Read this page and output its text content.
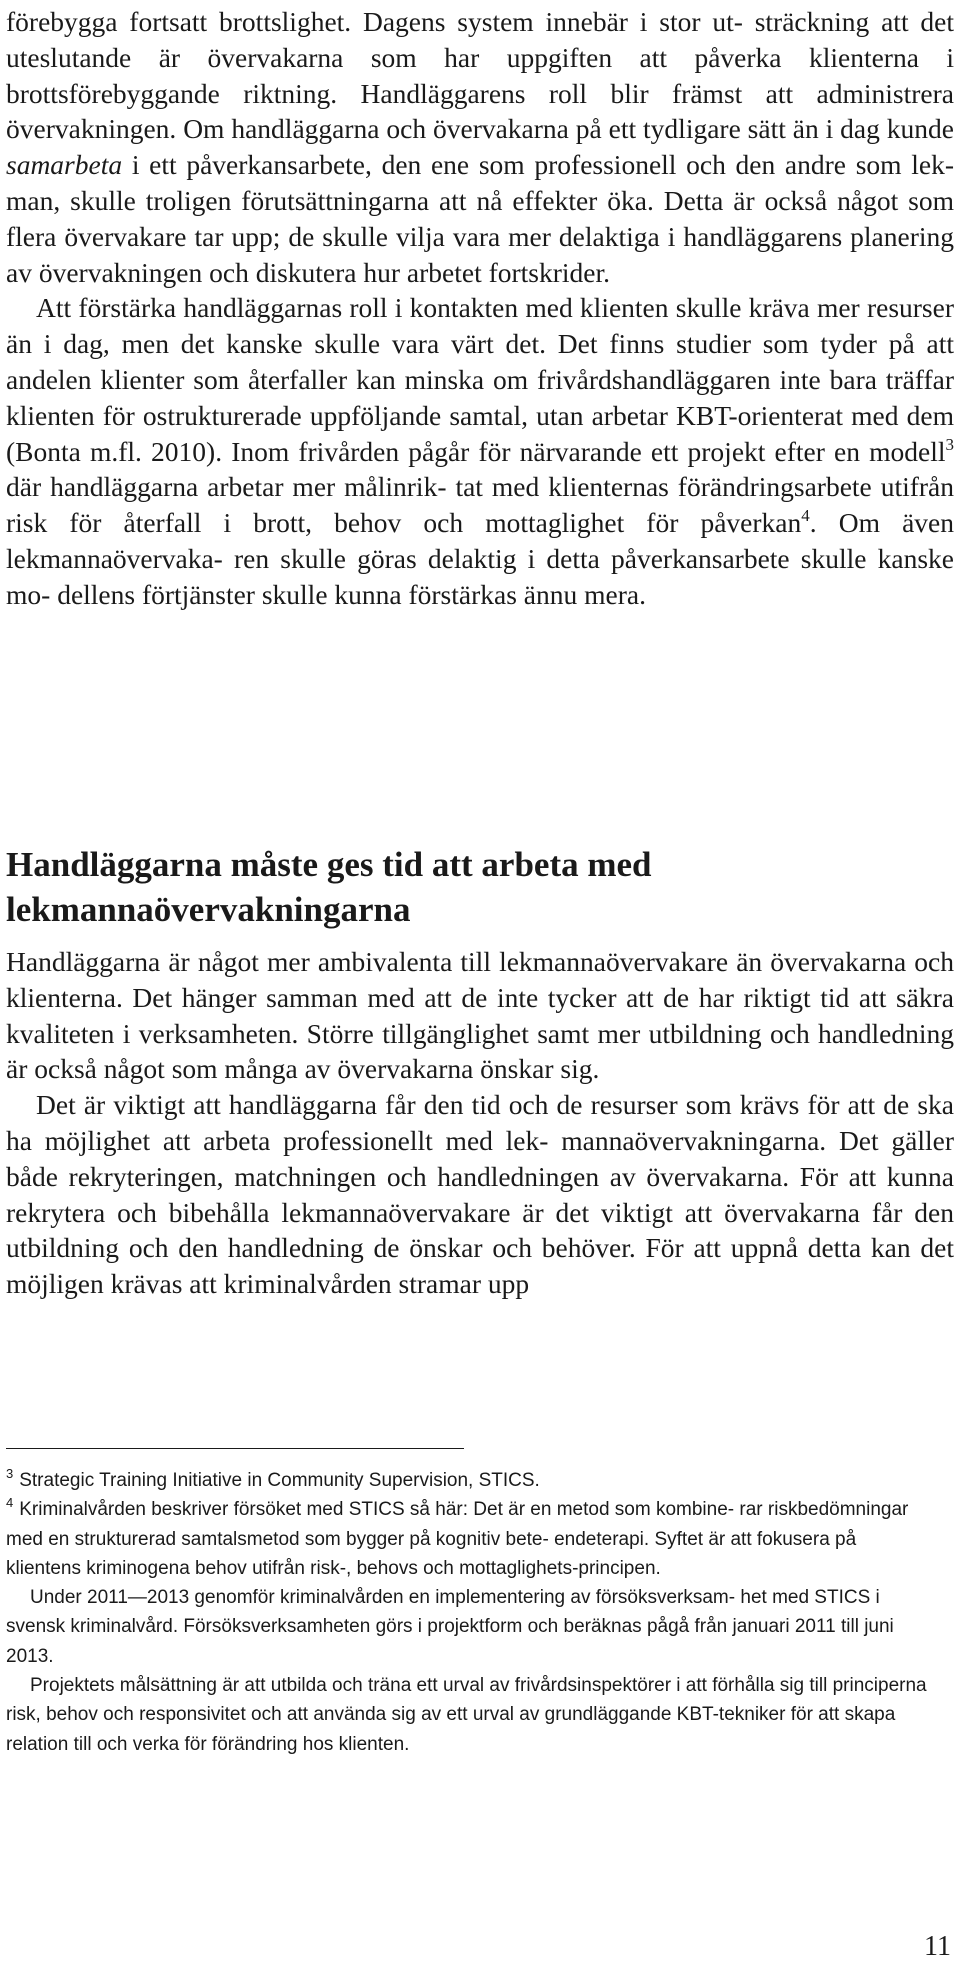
förebygga fortsatt brottslighet. Dagens system innebär i stor ut- sträckning att det uteslutande är övervakarna som har uppgiften att påverka klienterna i brottsförebyggande riktning. Handläggarens roll blir främst att administrera övervakningen. Om handläggarna och övervakarna på ett tydligare sätt än i dag kunde samarbeta i ett påverkansarbete, den ene som professionell och den andre som lek- man, skulle troligen förutsättningarna att nå effekter öka. Detta är också något som flera övervakare tar upp; de skulle vilja vara mer delaktiga i handläggarens planering av övervakningen och diskutera hur arbetet fortskrider.

Att förstärka handläggarnas roll i kontakten med klienten skulle kräva mer resurser än i dag, men det kanske skulle vara värt det. Det finns studier som tyder på att andelen klienter som återfaller kan minska om frivårdshandläggaren inte bara träffar klienten för ostrukturerade uppföljande samtal, utan arbetar KBT-orienterat med dem (Bonta m.fl. 2010). Inom frivården pågår för närvarande ett projekt efter en modell$^3$ där handläggarna arbetar mer målinrik- tat med klienternas förändringsarbete utifrån risk för återfall i brott, behov och mottaglighet för påverkan$^4$. Om även lekmannaövervaka- ren skulle göras delaktig i detta påverkansarbete skulle kanske mo- dellens förtjänster skulle kunna förstärkas ännu mera.

Handläggarna måste ges tid att arbeta med
lekmannaövervakningarna

Handläggarna är något mer ambivalenta till lekmannaövervakare än övervakarna och klienterna. Det hänger samman med att de inte tycker att de har riktigt tid att säkra kvaliteten i verksamheten. Större tillgänglighet samt mer utbildning och handledning är också något som många av övervakarna önskar sig.

Det är viktigt att handläggarna får den tid och de resurser som krävs för att de ska ha möjlighet att arbeta professionellt med lek- mannaövervakningarna. Det gäller både rekryteringen, matchningen och handledningen av övervakarna. För att kunna rekrytera och bibehålla lekmannaövervakare är det viktigt att övervakarna får den utbildning och den handledning de önskar och behöver. För att uppnå detta kan det möjligen krävas att kriminalvården stramar upp

$^3$ Strategic Training Initiative in Community Supervision, STICS.

$^4$ Kriminalvården beskriver försöket med STICS så här: Det är en metod som kombine- rar riskbedömningar med en strukturerad samtalsmetod som bygger på kognitiv bete- endeterapi. Syftet är att fokusera på klientens kriminogena behov utifrån risk-, behovs och mottaglighets-principen.

Under 2011—2013 genomför kriminalvården en implementering av försöksverksam- het med STICS i svensk kriminalvård. Försöksverksamheten görs i projektform och beräknas pågå från januari 2011 till juni 2013.

Projektets målsättning är att utbilda och träna ett urval av frivårdsinspektörer i att förhålla sig till principerna risk, behov och responsivitet och att använda sig av ett urval av grundläggande KBT-tekniker för att skapa relation till och verka för förändring hos klienten.

11
